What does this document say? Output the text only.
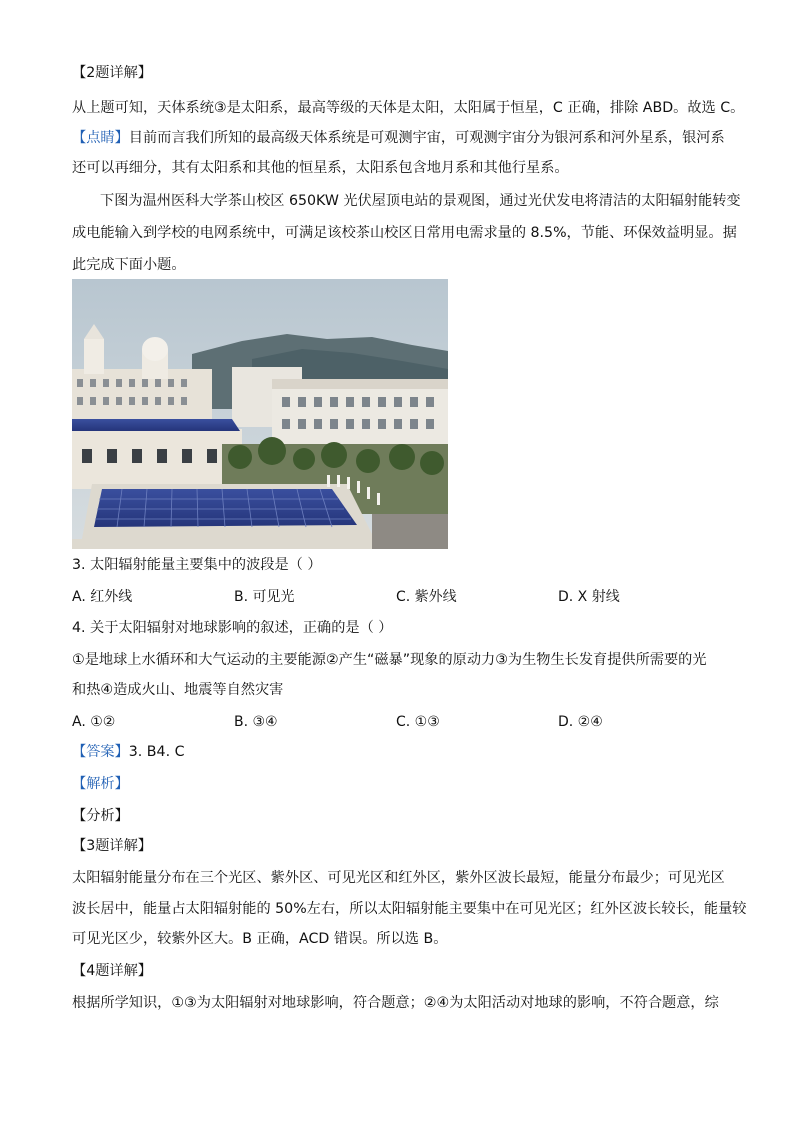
【2题详解】
从上题可知，天体系统③是太阳系，最高等级的天体是太阳，太阳属于恒星，C 正确，排除 ABD。故选 C。
【点睛】目前而言我们所知的最高级天体系统是可观测宇宙，可观测宇宙分为银河系和河外星系，银河系
还可以再细分，其有太阳系和其他的恒星系，太阳系包含地月系和其他行星系。
下图为温州医科大学茶山校区 650KW 光伏屋顶电站的景观图，通过光伏发电将清洁的太阳辐射能转变
成电能输入到学校的电网系统中，可满足该校茶山校区日常用电需求量的 8.5%，节能、环保效益明显。据
此完成下面小题。
3. 太阳辐射能量主要集中的波段是（ ）
A. 红外线	B. 可见光	C. 紫外线	D. X 射线
4. 关于太阳辐射对地球影响的叙述，正确的是（ ）
①是地球上水循环和大气运动的主要能源②产生“磁暴”现象的原动力③为生物生长发育提供所需要的光
和热④造成火山、地震等自然灾害
A. ①②	B. ③④	C. ①③	D. ②④
【答案】3. B4. C
【解析】
【分析】
【3题详解】
太阳辐射能量分布在三个光区、紫外区、可见光区和红外区，紫外区波长最短，能量分布最少；可见光区
波长居中，能量占太阳辐射能的 50%左右，所以太阳辐射能主要集中在可见光区；红外区波长较长，能量较
可见光区少，较紫外区大。B 正确，ACD 错误。所以选 B。
【4题详解】
根据所学知识，①③为太阳辐射对地球影响，符合题意；②④为太阳活动对地球的影响，不符合题意，综
